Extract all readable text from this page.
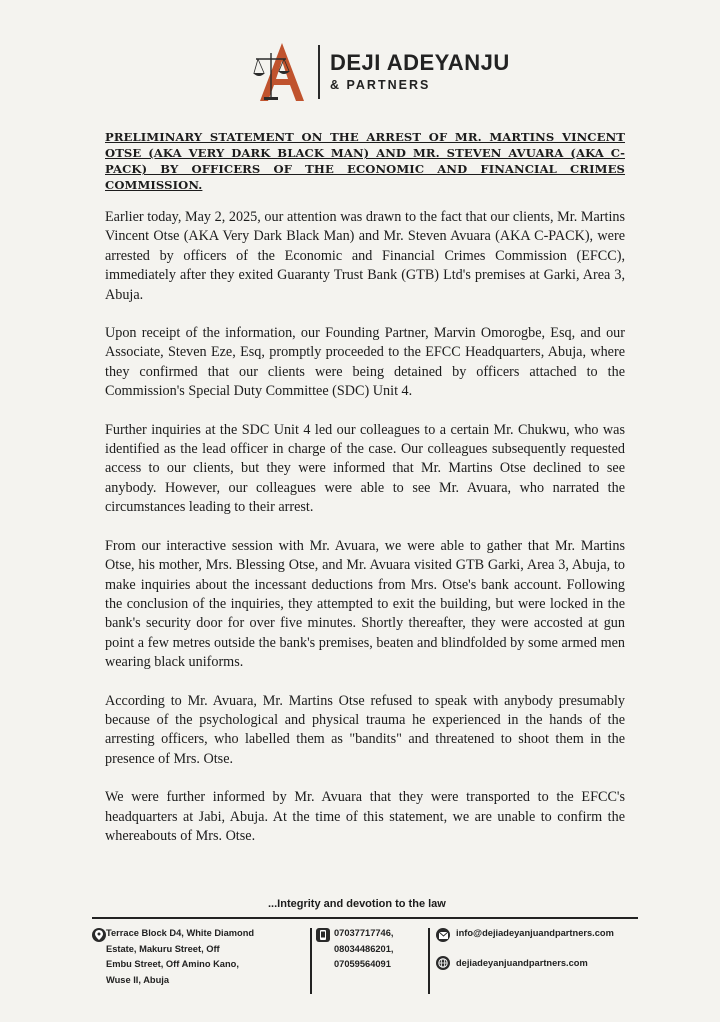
DEJI ADEYANJU
& PARTNERS

PRELIMINARY STATEMENT ON THE ARREST OF MR. MARTINS VINCENT OTSE (AKA VERY DARK BLACK MAN) AND MR. STEVEN AVUARA (AKA C-PACK) BY OFFICERS OF THE ECONOMIC AND FINANCIAL CRIMES COMMISSION.

Earlier today, May 2, 2025, our attention was drawn to the fact that our clients, Mr. Martins Vincent Otse (AKA Very Dark Black Man) and Mr. Steven Avuara (AKA C-PACK), were arrested by officers of the Economic and Financial Crimes Commission (EFCC), immediately after they exited Guaranty Trust Bank (GTB) Ltd's premises at Garki, Area 3, Abuja.

Upon receipt of the information, our Founding Partner, Marvin Omorogbe, Esq, and our Associate, Steven Eze, Esq, promptly proceeded to the EFCC Headquarters, Abuja, where they confirmed that our clients were being detained by officers attached to the Commission's Special Duty Committee (SDC) Unit 4.

Further inquiries at the SDC Unit 4 led our colleagues to a certain Mr. Chukwu, who was identified as the lead officer in charge of the case. Our colleagues subsequently requested access to our clients, but they were informed that Mr. Martins Otse declined to see anybody. However, our colleagues were able to see Mr. Avuara, who narrated the circumstances leading to their arrest.

From our interactive session with Mr. Avuara, we were able to gather that Mr. Martins Otse, his mother, Mrs. Blessing Otse, and Mr. Avuara visited GTB Garki, Area 3, Abuja, to make inquiries about the incessant deductions from Mrs. Otse's bank account. Following the conclusion of the inquiries, they attempted to exit the building, but were locked in the bank's security door for over five minutes. Shortly thereafter, they were accosted at gun point a few metres outside the bank's premises, beaten and blindfolded by some armed men wearing black uniforms.

According to Mr. Avuara, Mr. Martins Otse refused to speak with anybody presumably because of the psychological and physical trauma he experienced in the hands of the arresting officers, who labelled them as "bandits" and threatened to shoot them in the presence of Mrs. Otse.

We were further informed by Mr. Avuara that they were transported to the EFCC's headquarters at Jabi, Abuja. At the time of this statement, we are unable to confirm the whereabouts of Mrs. Otse.

...Integrity and devotion to the law
Terrace Block D4, White Diamond
Estate, Makuru Street, Off
Embu Street, Off Amino Kano,
Wuse II, Abuja
07037717746,
08034486201,
07059564091
info@dejiadeyanjuandpartners.com
dejiadeyanjuandpartners.com
